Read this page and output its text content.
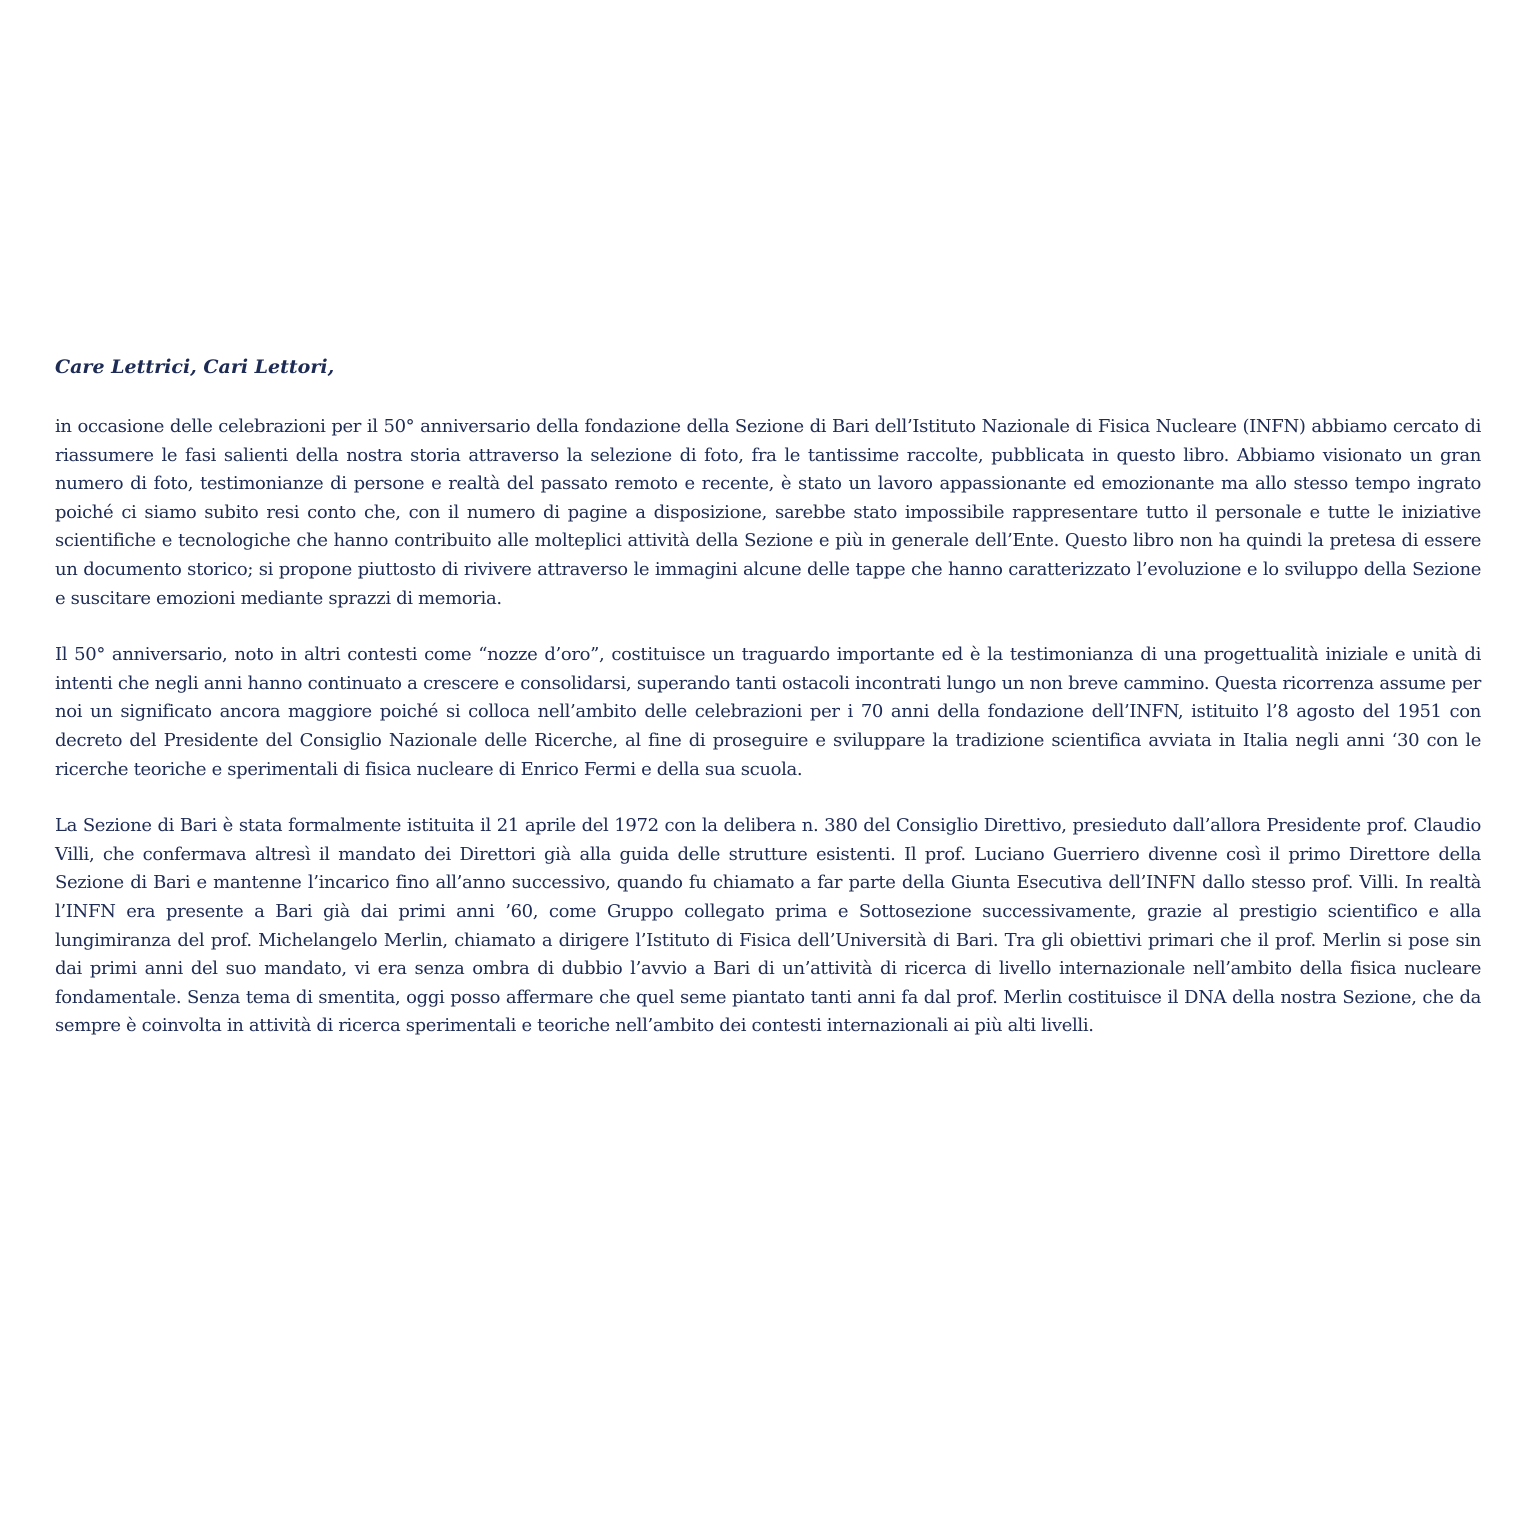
Care Lettrici, Cari Lettori,

in occasione delle celebrazioni per il 50° anniversario della fondazione della Sezione di Bari dell’Istituto Nazionale di Fisica Nucleare (INFN) abbiamo cercato di riassumere le fasi salienti della nostra storia attraverso la selezione di foto, fra le tantissime raccolte, pubblicata in questo libro. Abbiamo visionato un gran numero di foto, testimonianze di persone e realtà del passato remoto e recente, è stato un lavoro appassionante ed emozionante ma allo stesso tempo ingrato poiché ci siamo subito resi conto che, con il numero di pagine a disposizione, sarebbe stato impossibile rappresentare tutto il personale e tutte le iniziative scientifiche e tecnologiche che hanno contribuito alle molteplici attività della Sezione e più in generale dell’Ente. Questo libro non ha quindi la pretesa di essere un documento storico; si propone piuttosto di rivivere attraverso le immagini alcune delle tappe che hanno caratterizzato l’evoluzione e lo sviluppo della Sezione e suscitare emozioni mediante sprazzi di memoria.

Il 50° anniversario, noto in altri contesti come “nozze d’oro”, costituisce un traguardo importante ed è la testimonianza di una progettualità iniziale e unità di intenti che negli anni hanno continuato a crescere e consolidarsi, superando tanti ostacoli incontrati lungo un non breve cammino. Questa ricorrenza assume per noi un significato ancora maggiore poiché si colloca nell’ambito delle celebrazioni per i 70 anni della fondazione dell’INFN, istituito l’8 agosto del 1951 con decreto del Presidente del Consiglio Nazionale delle Ricerche, al fine di proseguire e sviluppare la tradizione scientifica avviata in Italia negli anni ‘30 con le ricerche teoriche e sperimentali di fisica nucleare di Enrico Fermi e della sua scuola.

La Sezione di Bari è stata formalmente istituita il 21 aprile del 1972 con la delibera n. 380 del Consiglio Direttivo, presieduto dall’allora Presidente prof. Claudio Villi, che confermava altresì il mandato dei Direttori già alla guida delle strutture esistenti. Il prof. Luciano Guerriero divenne così il primo Direttore della Sezione di Bari e mantenne l’incarico fino all’anno successivo, quando fu chiamato a far parte della Giunta Esecutiva dell’INFN dallo stesso prof. Villi. In realtà l’INFN era presente a Bari già dai primi anni ’60, come Gruppo collegato prima e Sottosezione successivamente, grazie al prestigio scientifico e alla lungimiranza del prof. Michelangelo Merlin, chiamato a dirigere l’Istituto di Fisica dell’Università di Bari. Tra gli obiettivi primari che il prof. Merlin si pose sin dai primi anni del suo mandato, vi era senza ombra di dubbio l’avvio a Bari di un’attività di ricerca di livello internazionale nell’ambito della fisica nucleare fondamentale. Senza tema di smentita, oggi posso affermare che quel seme piantato tanti anni fa dal prof. Merlin costituisce il DNA della nostra Sezione, che da sempre è coinvolta in attività di ricerca sperimentali e teoriche nell’ambito dei contesti internazionali ai più alti livelli.
